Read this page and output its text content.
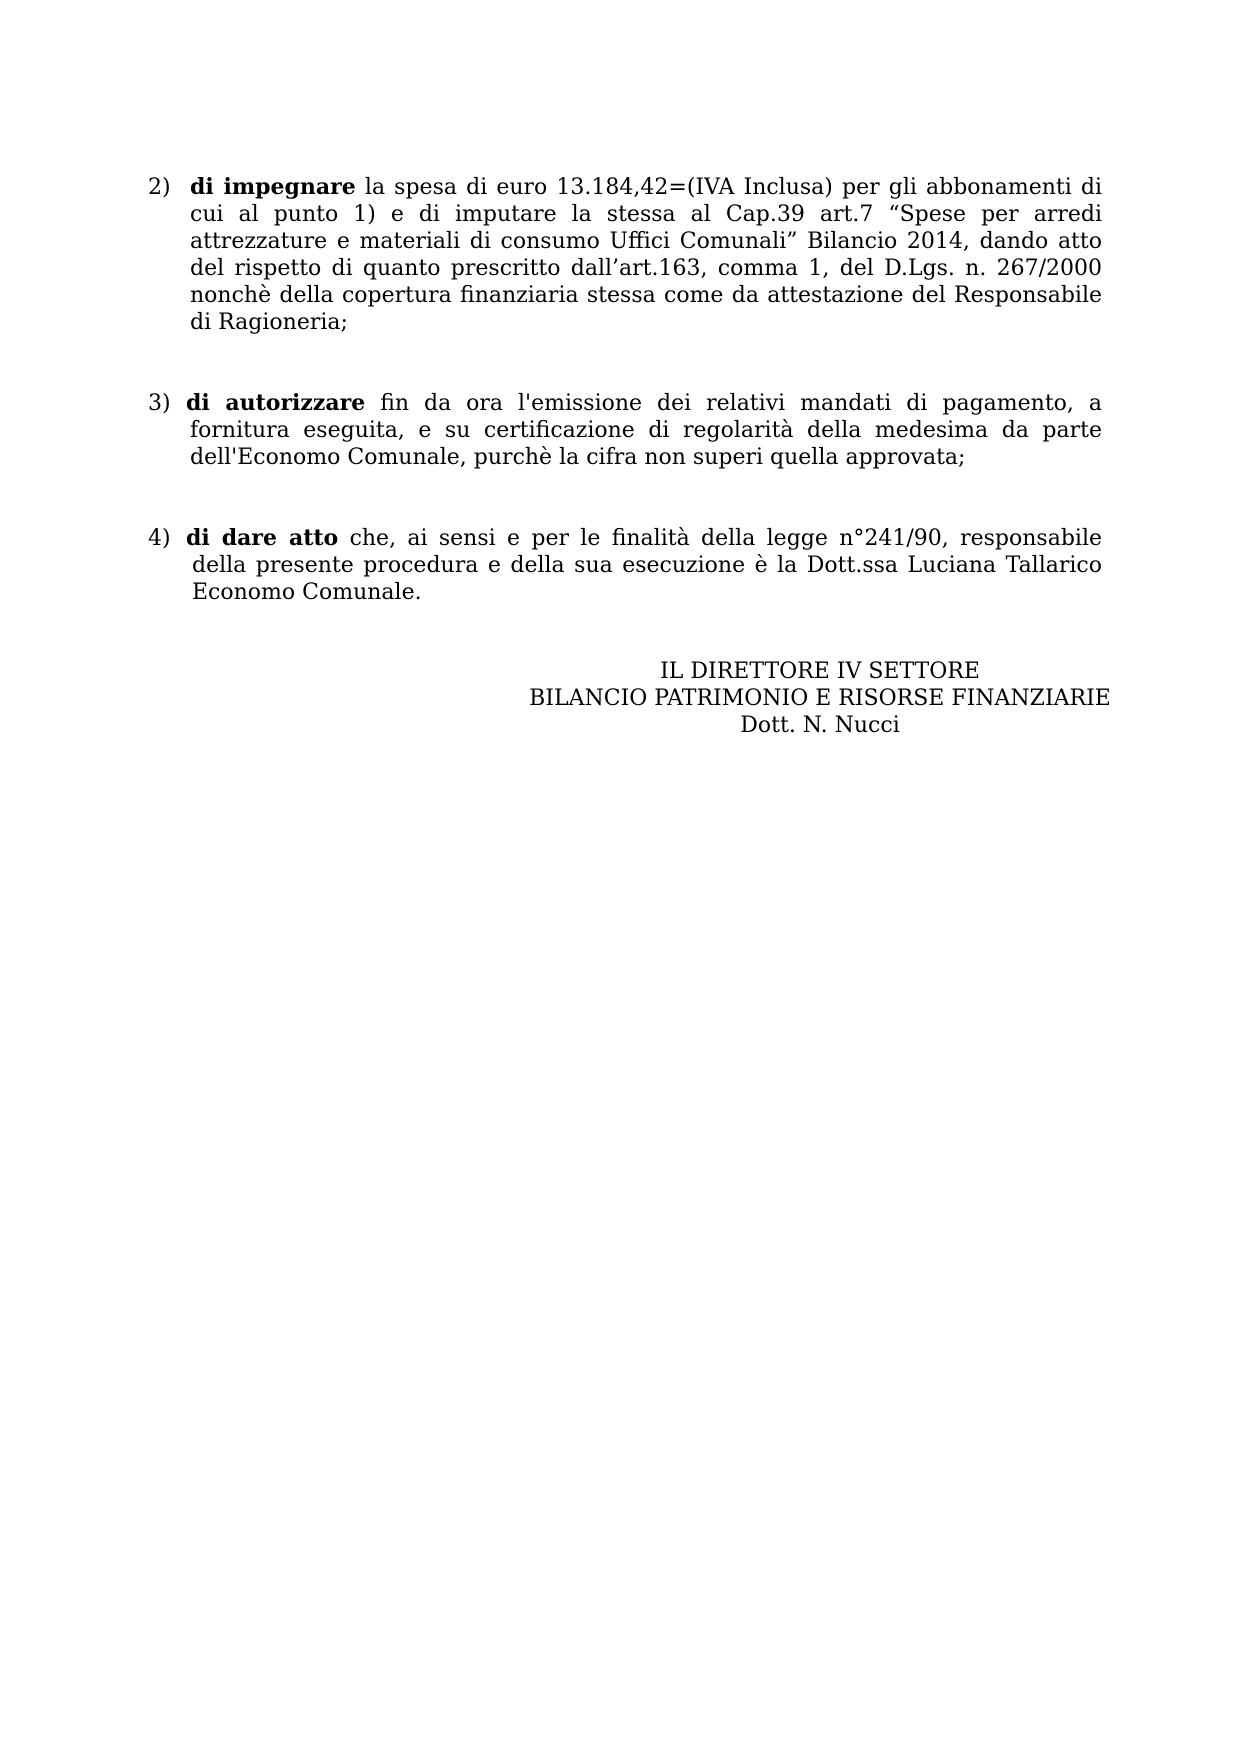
2) di impegnare la spesa di euro 13.184,42=(IVA Inclusa) per gli abbonamenti di
cui al punto 1) e di imputare la stessa al Cap.39 art.7 “Spese per arredi
attrezzature e materiali di consumo Uffici Comunali” Bilancio 2014, dando atto
del rispetto di quanto prescritto dall’art.163, comma 1, del D.Lgs. n. 267/2000
nonchè della copertura finanziaria stessa come da attestazione del Responsabile
di Ragioneria;
3) di autorizzare fin da ora l'emissione dei relativi mandati di pagamento, a
fornitura eseguita, e su certificazione di regolarità della medesima da parte
dell'Economo Comunale, purchè la cifra non superi quella approvata;
4) di dare atto che, ai sensi e per le finalità della legge n°241/90, responsabile
della presente procedura e della sua esecuzione è la Dott.ssa Luciana Tallarico
Economo Comunale.
IL DIRETTORE IV SETTORE
BILANCIO PATRIMONIO E RISORSE FINANZIARIE
Dott. N. Nucci
